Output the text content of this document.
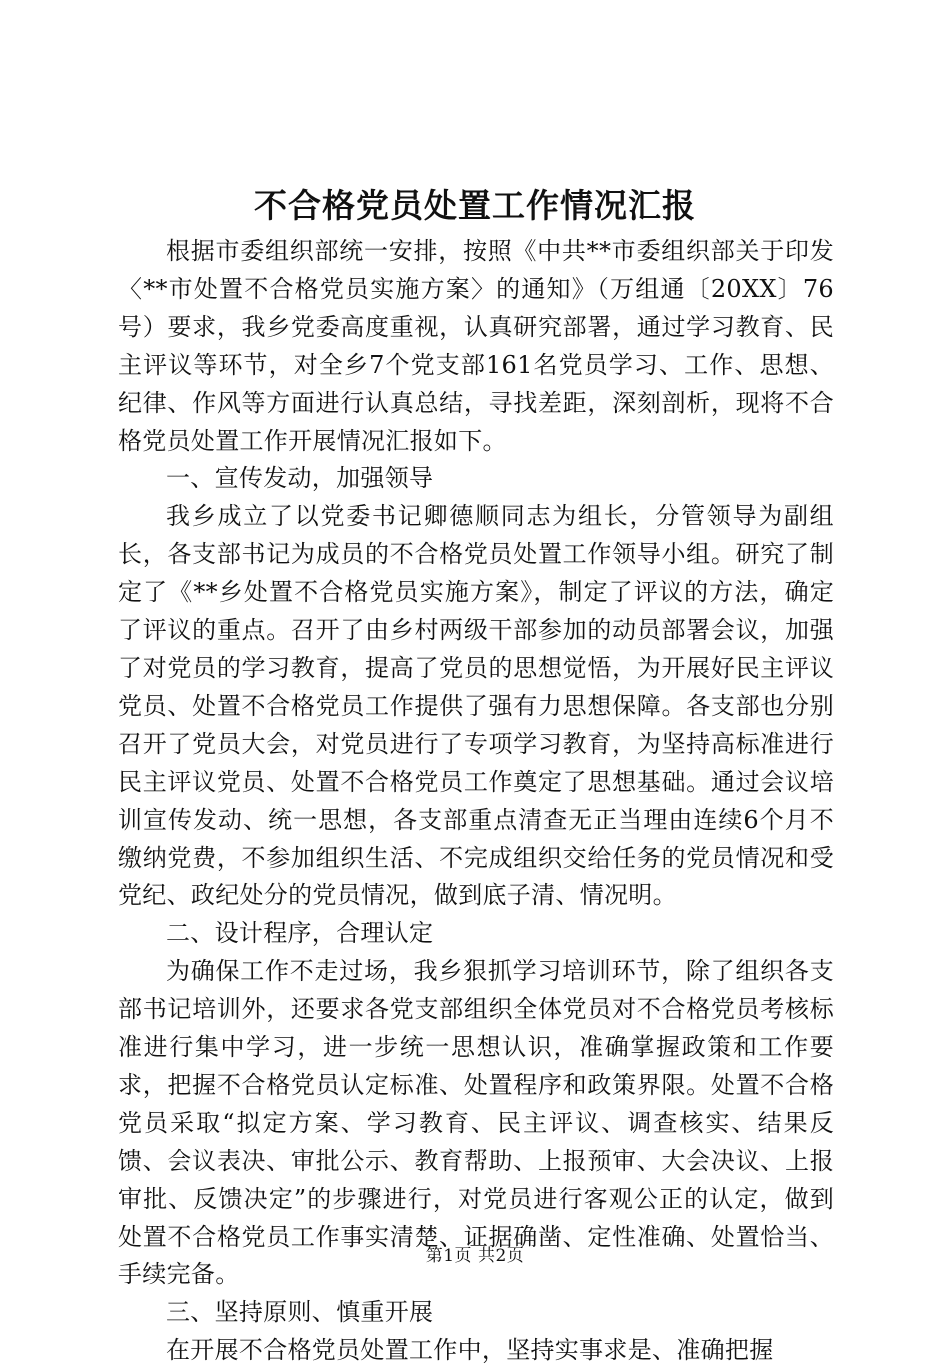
不合格党员处置工作情况汇报

根据市委组织部统一安排，按照《中共**市委组织部关于印发〈**市处置不合格党员实施方案〉的通知》（万组通〔20XX〕76号）要求，我乡党委高度重视，认真研究部署，通过学习教育、民主评议等环节，对全乡7个党支部161名党员学习、工作、思想、纪律、作风等方面进行认真总结，寻找差距，深刻剖析，现将不合格党员处置工作开展情况汇报如下。

一、宣传发动，加强领导

我乡成立了以党委书记卿德顺同志为组长，分管领导为副组长，各支部书记为成员的不合格党员处置工作领导小组。研究了制定了《**乡处置不合格党员实施方案》，制定了评议的方法，确定了评议的重点。召开了由乡村两级干部参加的动员部署会议，加强了对党员的学习教育，提高了党员的思想觉悟，为开展好民主评议党员、处置不合格党员工作提供了强有力思想保障。各支部也分别召开了党员大会，对党员进行了专项学习教育，为坚持高标准进行民主评议党员、处置不合格党员工作奠定了思想基础。通过会议培训宣传发动、统一思想，各支部重点清查无正当理由连续6个月不缴纳党费，不参加组织生活、不完成组织交给任务的党员情况和受党纪、政纪处分的党员情况，做到底子清、情况明。

二、设计程序，合理认定

为确保工作不走过场，我乡狠抓学习培训环节，除了组织各支部书记培训外，还要求各党支部组织全体党员对不合格党员考核标准进行集中学习，进一步统一思想认识，准确掌握政策和工作要求，把握不合格党员认定标准、处置程序和政策界限。处置不合格党员采取“拟定方案、学习教育、民主评议、调查核实、结果反馈、会议表决、审批公示、教育帮助、上报预审、大会决议、上报审批、反馈决定”的步骤进行，对党员进行客观公正的认定，做到处置不合格党员工作事实清楚、证据确凿、定性准确、处置恰当、手续完备。

三、坚持原则、慎重开展

在开展不合格党员处置工作中，坚持实事求是、准确把握

第1页 共2页
